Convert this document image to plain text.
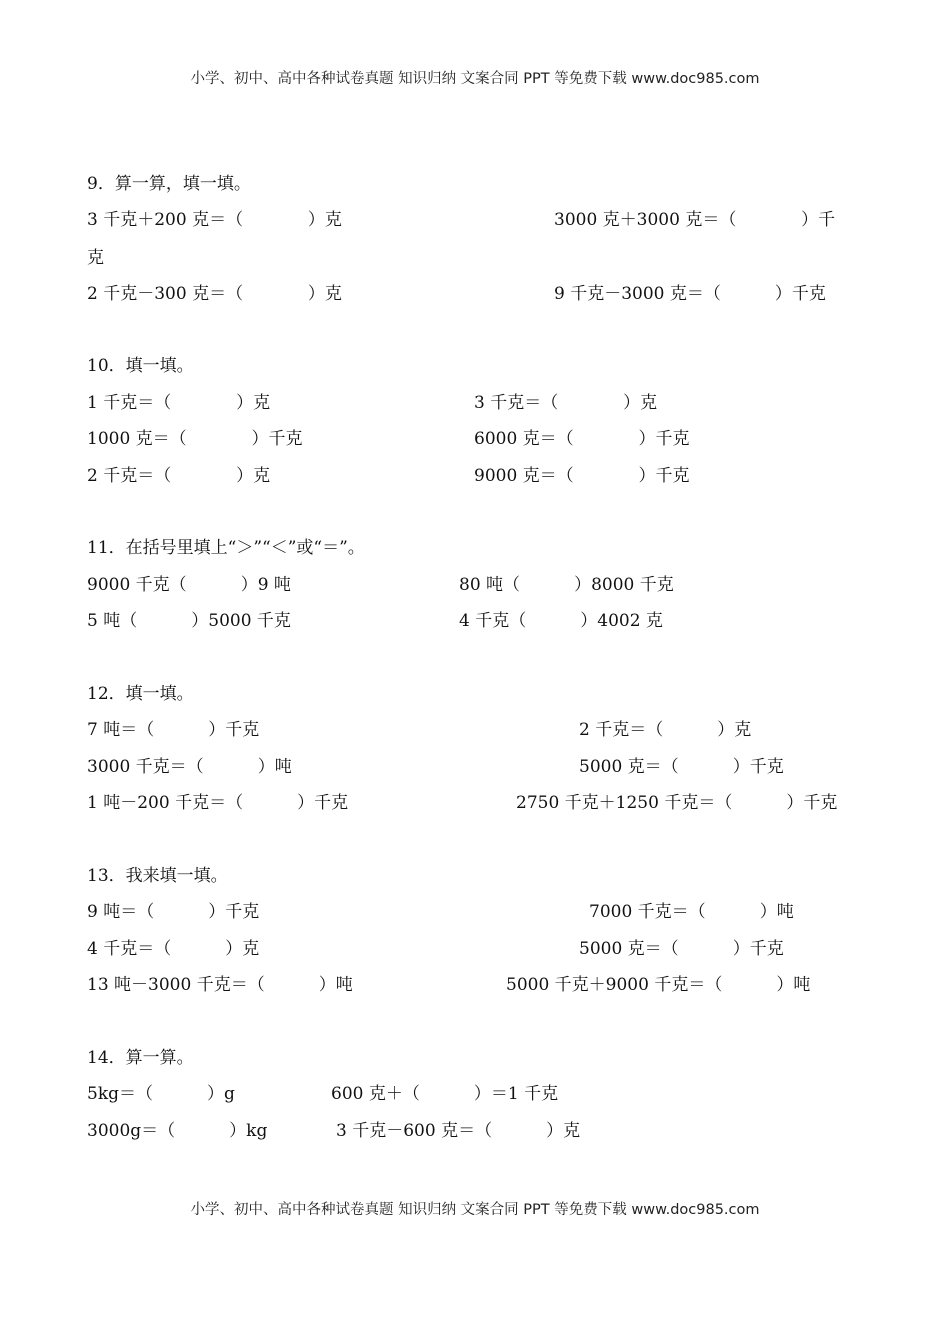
小学、初中、高中各种试卷真题 知识归纳 文案合同 PPT 等免费下载 www.doc985.com
9．算一算，填一填。
3 千克＋200 克＝（            ）克	3000 克＋3000 克＝（            ）千
克
2 千克－300 克＝（            ）克	9 千克－3000 克＝（          ）千克
10．填一填。
1 千克＝（            ）克	3 千克＝（            ）克
1000 克＝（            ）千克	6000 克＝（            ）千克
2 千克＝（            ）克	9000 克＝（            ）千克
11．在括号里填上“＞”“＜”或“＝”。
9000 千克（          ）9 吨	80 吨（          ）8000 千克
5 吨（          ）5000 千克	4 千克（          ）4002 克
12．填一填。
7 吨＝（          ）千克	2 千克＝（          ）克
3000 千克＝（          ）吨	5000 克＝（          ）千克
1 吨－200 千克＝（          ）千克	2750 千克＋1250 千克＝（          ）千克
13．我来填一填。
9 吨＝（          ）千克	7000 千克＝（          ）吨
4 千克＝（          ）克	5000 克＝（          ）千克
13 吨－3000 千克＝（          ）吨	5000 千克＋9000 千克＝（          ）吨
14．算一算。
5kg＝（          ）g	600 克＋（          ）＝1 千克
3000g＝（          ）kg	3 千克－600 克＝（          ）克
小学、初中、高中各种试卷真题 知识归纳 文案合同 PPT 等免费下载 www.doc985.com
